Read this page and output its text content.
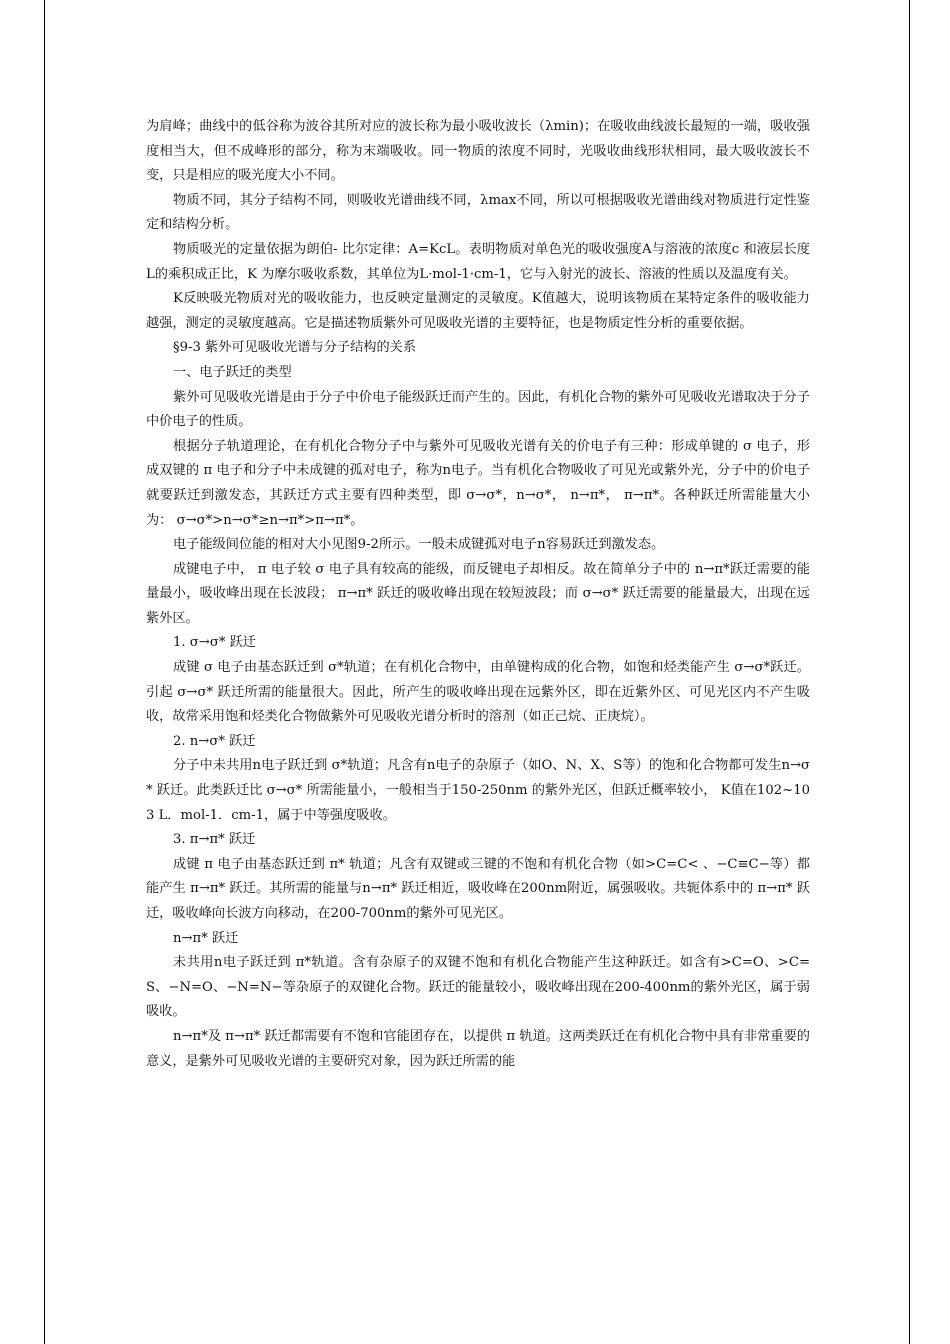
为肩峰；曲线中的低谷称为波谷其所对应的波长称为最小吸收波长（λmin)；在吸收曲线波长最短的一端，吸收强度相当大，但不成峰形的部分，称为末端吸收。同一物质的浓度不同时，光吸收曲线形状相同，最大吸收波长不变，只是相应的吸光度大小不同。

物质不同，其分子结构不同，则吸收光谱曲线不同，λmax不同，所以可根据吸收光谱曲线对物质进行定性鉴定和结构分析。

物质吸光的定量依据为朗伯- 比尔定律：A=KcL。表明物质对单色光的吸收强度A与溶液的浓度c 和液层长度L的乘积成正比，K 为摩尔吸收系数，其单位为L·mol-1·cm-1，它与入射光的波长、溶液的性质以及温度有关。

K反映吸光物质对光的吸收能力，也反映定量测定的灵敏度。K值越大，说明该物质在某特定条件的吸收能力越强，测定的灵敏度越高。它是描述物质紫外可见吸收光谱的主要特征，也是物质定性分析的重要依据。

§9-3 紫外可见吸收光谱与分子结构的关系

一、电子跃迁的类型

紫外可见吸收光谱是由于分子中价电子能级跃迁而产生的。因此，有机化合物的紫外可见吸收光谱取决于分子中价电子的性质。

根据分子轨道理论，在有机化合物分子中与紫外可见吸收光谱有关的价电子有三种：形成单键的 σ 电子，形成双键的 π 电子和分子中未成键的孤对电子，称为n电子。当有机化合物吸收了可见光或紫外光，分子中的价电子就要跃迁到激发态，其跃迁方式主要有四种类型，即 σ→σ*，n→σ*， n→π*， π→π*。各种跃迁所需能量大小为： σ→σ*>n→σ*≥n→π*>π→π*。

电子能级间位能的相对大小见图9-2所示。一般未成键孤对电子n容易跃迁到激发态。

成键电子中， π 电子较 σ 电子具有较高的能级，而反键电子却相反。故在简单分子中的 n→π*跃迁需要的能量最小，吸收峰出现在长波段； π→π* 跃迁的吸收峰出现在较短波段；而 σ→σ* 跃迁需要的能量最大，出现在远紫外区。

1. σ→σ* 跃迁

成键 σ 电子由基态跃迁到 σ*轨道；在有机化合物中，由单键构成的化合物，如饱和烃类能产生 σ→σ*跃迁。引起 σ→σ* 跃迁所需的能量很大。因此，所产生的吸收峰出现在远紫外区，即在近紫外区、可见光区内不产生吸收，故常采用饱和烃类化合物做紫外可见吸收光谱分析时的溶剂（如正己烷、正庚烷）。

2. n→σ* 跃迁

分子中未共用n电子跃迁到 σ*轨道；凡含有n电子的杂原子（如O、N、X、S等）的饱和化合物都可发生n→σ* 跃迁。此类跃迁比 σ→σ* 所需能量小，一般相当于150-250nm 的紫外光区，但跃迁概率较小， K值在102~103 L．mol-1．cm-1，属于中等强度吸收。

3. π→π* 跃迁

成键 π 电子由基态跃迁到 π* 轨道；凡含有双键或三键的不饱和有机化合物（如>C=C< 、−C≡C−等）都能产生 π→π* 跃迁。其所需的能量与n→π* 跃迁相近，吸收峰在200nm附近，属强吸收。共轭体系中的 π→π* 跃迁，吸收峰向长波方向移动，在200-700nm的紫外可见光区。

n→π* 跃迁

未共用n电子跃迁到 π*轨道。含有杂原子的双键不饱和有机化合物能产生这种跃迁。如含有>C=O、>C=S、−N=O、−N=N−等杂原子的双键化合物。跃迁的能量较小，吸收峰出现在200-400nm的紫外光区，属于弱吸收。

n→π*及 π→π* 跃迁都需要有不饱和官能团存在，以提供 π 轨道。这两类跃迁在有机化合物中具有非常重要的意义，是紫外可见吸收光谱的主要研究对象，因为跃迁所需的能
